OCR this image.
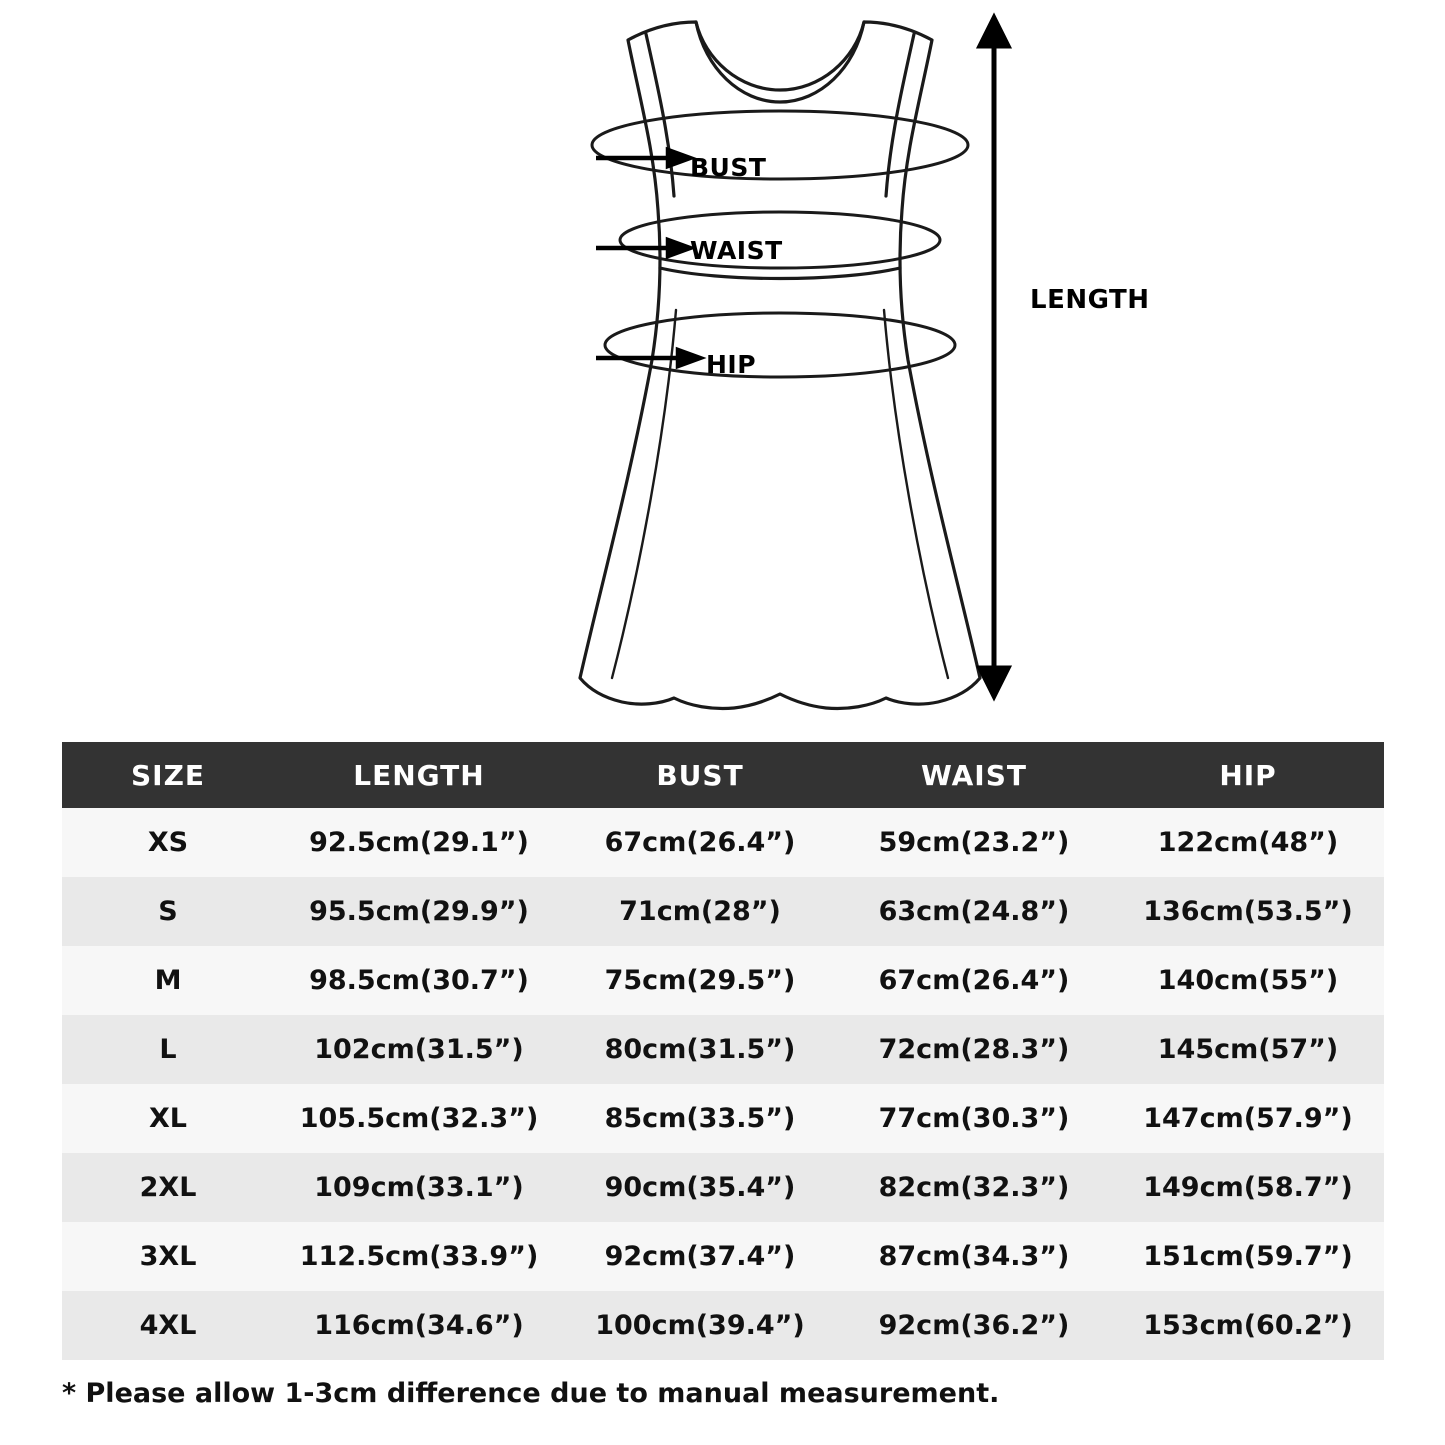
BUST
WAIST
HIP
LENGTH
SIZE	LENGTH	BUST	WAIST	HIP
XS	92.5cm(29.1”)	67cm(26.4”)	59cm(23.2”)	122cm(48”)
S	95.5cm(29.9”)	71cm(28”)	63cm(24.8”)	136cm(53.5”)
M	98.5cm(30.7”)	75cm(29.5”)	67cm(26.4”)	140cm(55”)
L	102cm(31.5”)	80cm(31.5”)	72cm(28.3”)	145cm(57”)
XL	105.5cm(32.3”)	85cm(33.5”)	77cm(30.3”)	147cm(57.9”)
2XL	109cm(33.1”)	90cm(35.4”)	82cm(32.3”)	149cm(58.7”)
3XL	112.5cm(33.9”)	92cm(37.4”)	87cm(34.3”)	151cm(59.7”)
4XL	116cm(34.6”)	100cm(39.4”)	92cm(36.2”)	153cm(60.2”)
* Please allow 1-3cm difference due to manual measurement.
